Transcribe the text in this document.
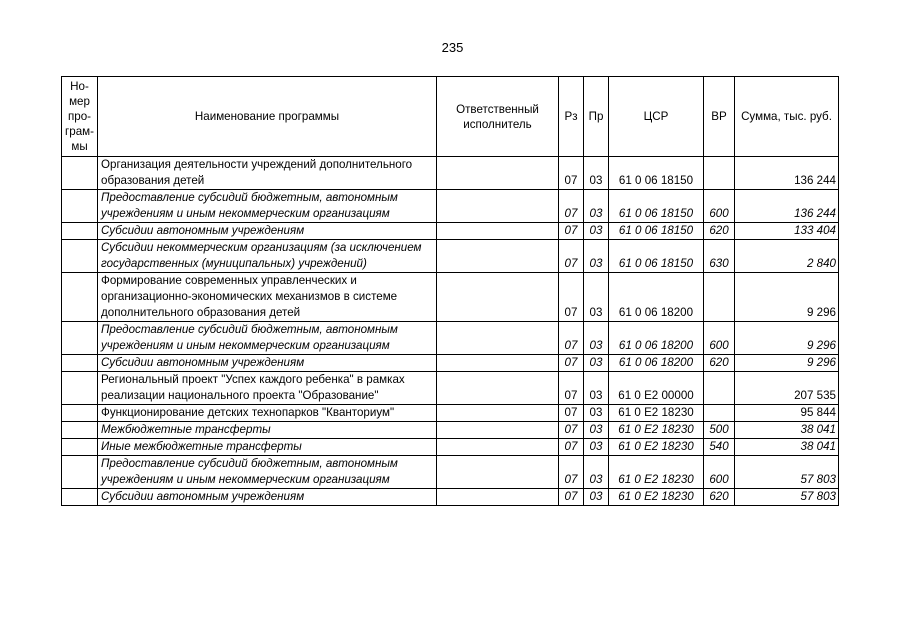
235
Но-мер про-грам-мы	Наименование программы	Ответственный исполнитель	Рз	Пр	ЦСР	ВР	Сумма, тыс. руб.
	Организация деятельности учреждений дополнительного образования детей		07	03	61 0 06 18150		136 244
	Предоставление субсидий бюджетным, автономным учреждениям и иным некоммерческим организациям		07	03	61 0 06 18150	600	136 244
	Субсидии автономным учреждениям		07	03	61 0 06 18150	620	133 404
	Субсидии некоммерческим организациям (за исключением государственных (муниципальных) учреждений)		07	03	61 0 06 18150	630	2 840
	Формирование современных управленческих и организационно-экономических механизмов в системе дополнительного образования детей		07	03	61 0 06 18200		9 296
	Предоставление субсидий бюджетным, автономным учреждениям и иным некоммерческим организациям		07	03	61 0 06 18200	600	9 296
	Субсидии автономным учреждениям		07	03	61 0 06 18200	620	9 296
	Региональный проект "Успех каждого ребенка" в рамках реализации национального проекта "Образование"		07	03	61 0 E2 00000		207 535
	Функционирование детских технопарков "Кванториум"		07	03	61 0 E2 18230		95 844
	Межбюджетные трансферты		07	03	61 0 E2 18230	500	38 041
	Иные межбюджетные трансферты		07	03	61 0 E2 18230	540	38 041
	Предоставление субсидий бюджетным, автономным учреждениям и иным некоммерческим организациям		07	03	61 0 E2 18230	600	57 803
	Субсидии автономным учреждениям		07	03	61 0 E2 18230	620	57 803
